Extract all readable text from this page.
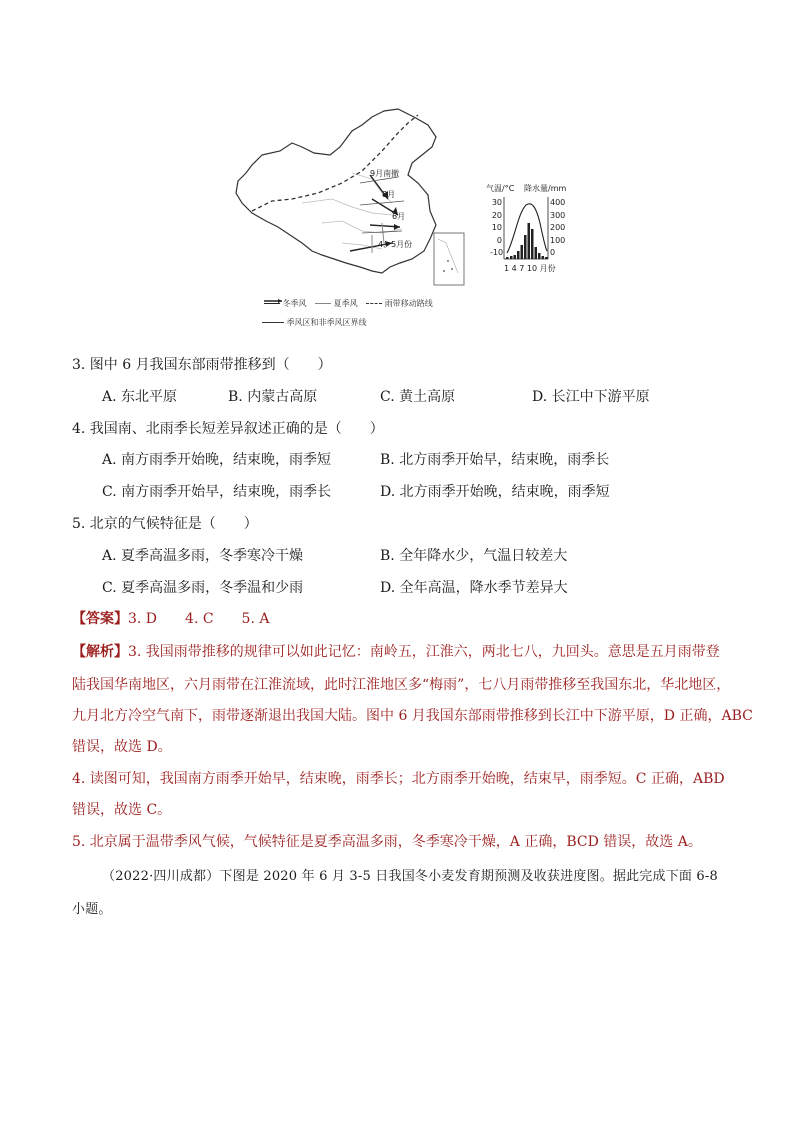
9月南撤
8月
6月
4、5月份
冬季风	夏季风	雨带移动路线
季风区和非季风区界线
气温/°C 降水量/mm
30
20
10
0
-10
400
300
200
100
0
1 4 7 10 月份
3. 图中 6 月我国东部雨带推移到（　　）
A. 东北平原	B. 内蒙古高原	C. 黄土高原	D. 长江中下游平原
4. 我国南、北雨季长短差异叙述正确的是（　　）
A. 南方雨季开始晚，结束晚，雨季短	B. 北方雨季开始早，结束晚，雨季长
C. 南方雨季开始早，结束晚，雨季长	D. 北方雨季开始晚，结束晚，雨季短
5. 北京的气候特征是（　　）
A. 夏季高温多雨，冬季寒冷干燥	B. 全年降水少，气温日较差大
C. 夏季高温多雨，冬季温和少雨	D. 全年高温，降水季节差异大
【答案】3. D　　4. C　　5. A
【解析】3. 我国雨带推移的规律可以如此记忆：南岭五，江淮六，两北七八，九回头。意思是五月雨带登
陆我国华南地区，六月雨带在江淮流域，此时江淮地区多“梅雨”，七八月雨带推移至我国东北，华北地区，
九月北方冷空气南下，雨带逐渐退出我国大陆。图中 6 月我国东部雨带推移到长江中下游平原，D 正确，ABC
错误，故选 D。
4. 读图可知，我国南方雨季开始早，结束晚，雨季长；北方雨季开始晚，结束早，雨季短。C 正确，ABD
错误，故选 C。
5. 北京属于温带季风气候，气候特征是夏季高温多雨，冬季寒冷干燥，A 正确，BCD 错误，故选 A。
（2022·四川成都）下图是 2020 年 6 月 3-5 日我国冬小麦发育期预测及收获进度图。据此完成下面 6-8
小题。
